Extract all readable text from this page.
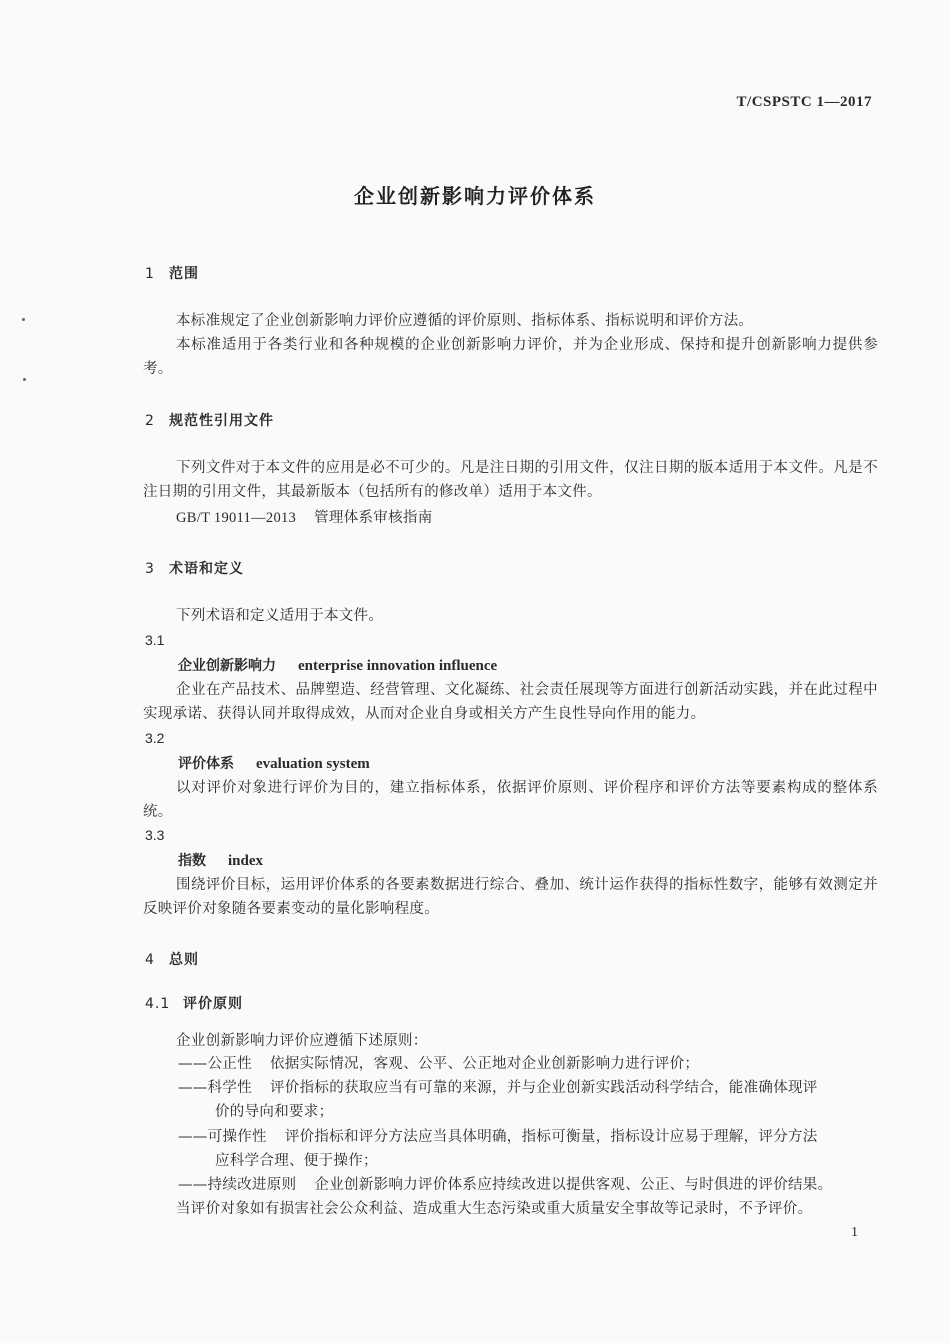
T/CSPSTC 1—2017
企业创新影响力评价体系
1 范围
本标准规定了企业创新影响力评价应遵循的评价原则、指标体系、指标说明和评价方法。
本标准适用于各类行业和各种规模的企业创新影响力评价，并为企业形成、保持和提升创新影响力提供参考。
2 规范性引用文件
下列文件对于本文件的应用是必不可少的。凡是注日期的引用文件，仅注日期的版本适用于本文件。凡是不注日期的引用文件，其最新版本（包括所有的修改单）适用于本文件。
GB/T 19011—2013 管理体系审核指南
3 术语和定义
下列术语和定义适用于本文件。
3.1
企业创新影响力 enterprise innovation influence
企业在产品技术、品牌塑造、经营管理、文化凝练、社会责任展现等方面进行创新活动实践，并在此过程中实现承诺、获得认同并取得成效，从而对企业自身或相关方产生良性导向作用的能力。
3.2
评价体系 evaluation system
以对评价对象进行评价为目的，建立指标体系，依据评价原则、评价程序和评价方法等要素构成的整体系统。
3.3
指数 index
围绕评价目标，运用评价体系的各要素数据进行综合、叠加、统计运作获得的指标性数字，能够有效测定并反映评价对象随各要素变动的量化影响程度。
4 总则
4.1 评价原则
企业创新影响力评价应遵循下述原则：
——公正性 依据实际情况，客观、公平、公正地对企业创新影响力进行评价；
——科学性 评价指标的获取应当有可靠的来源，并与企业创新实践活动科学结合，能准确体现评
价的导向和要求；
——可操作性 评价指标和评分方法应当具体明确，指标可衡量，指标设计应易于理解，评分方法
应科学合理、便于操作；
——持续改进原则 企业创新影响力评价体系应持续改进以提供客观、公正、与时俱进的评价结果。
当评价对象如有损害社会公众利益、造成重大生态污染或重大质量安全事故等记录时，不予评价。
1
